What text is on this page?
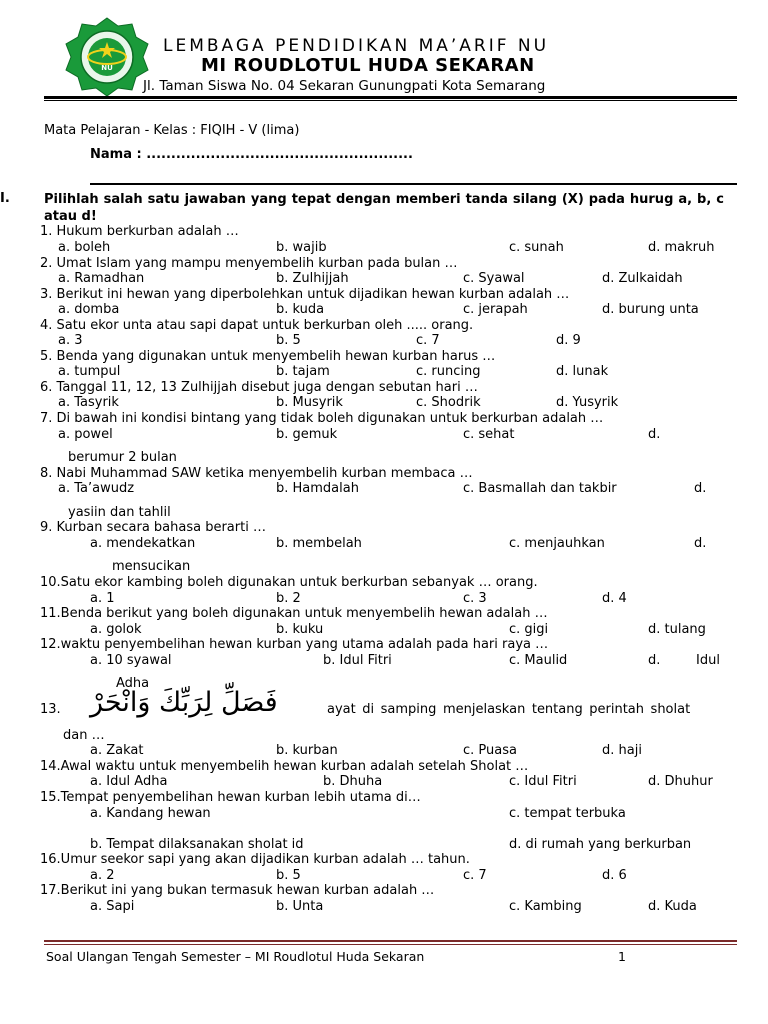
NU
LEMBAGA PENDIDIKAN MA’ARIF NU
MI ROUDLOTUL HUDA SEKARAN
Jl. Taman Siswa No. 04 Sekaran Gunungpati Kota Semarang
Mata Pelajaran - Kelas : FIQIH - V (lima)
Nama : ......................................................
I.	Pilihlah salah satu jawaban yang tepat dengan memberi tanda silang (X) pada hurug a, b, c atau d!
1. Hukum berkurban adalah …
a. boleh	b. wajib	c. sunah	d. makruh
2. Umat Islam yang mampu menyembelih kurban pada bulan …
a. Ramadhan	b. Zulhijjah	c. Syawal	d. Zulkaidah
3. Berikut ini hewan yang diperbolehkan untuk dijadikan hewan kurban adalah …
a. domba	b. kuda	c. jerapah	d. burung unta
4. Satu ekor unta atau sapi dapat untuk berkurban oleh ..... orang.
a. 3	b. 5	c. 7	d. 9
5. Benda yang digunakan untuk menyembelih hewan kurban harus …
a. tumpul	b. tajam	c. runcing	d. lunak
6. Tanggal 11, 12, 13 Zulhijjah disebut juga dengan sebutan hari …
a. Tasyrik	b. Musyrik	c. Shodrik	d. Yusyrik
7. Di bawah ini kondisi bintang yang tidak boleh digunakan untuk berkurban adalah …
a. powel	b. gemuk	c. sehat	d.
berumur 2 bulan
8. Nabi Muhammad SAW ketika menyembelih kurban membaca …
a. Ta’awudz	b. Hamdalah	c. Basmallah dan takbir	d.
yasiin dan tahlil
9. Kurban secara bahasa berarti …
a. mendekatkan	b. membelah	c. menjauhkan	d.
mensucikan
10.Satu ekor kambing boleh digunakan untuk berkurban sebanyak … orang.
a. 1	b. 2	c. 3	d. 4
11.Benda berikut yang boleh digunakan untuk menyembelih hewan adalah …
a. golok	b. kuku	c. gigi	d. tulang
12.waktu penyembelihan hewan kurban yang utama adalah pada hari raya …
a. 10 syawal	b. Idul Fitri	c. Maulid	d.	Idul
Adha
13. فَصَلِّ لِرَبِّكَ وَانْحَرْ	ayat di samping menjelaskan tentang perintah sholat
dan …
a. Zakat	b. kurban	c. Puasa	d. haji
14.Awal waktu untuk menyembelih hewan kurban adalah setelah Sholat …
a. Idul Adha	b. Dhuha	c. Idul Fitri	d. Dhuhur
15.Tempat penyembelihan hewan kurban lebih utama di…
a. Kandang hewan	c. tempat terbuka
b. Tempat dilaksanakan sholat id	d. di rumah yang berkurban
16.Umur seekor sapi yang akan dijadikan kurban adalah … tahun.
a. 2	b. 5	c. 7	d. 6
17.Berikut ini yang bukan termasuk hewan kurban adalah …
a. Sapi	b. Unta	c. Kambing	d. Kuda
Soal Ulangan Tengah Semester – MI Roudlotul Huda Sekaran	1
